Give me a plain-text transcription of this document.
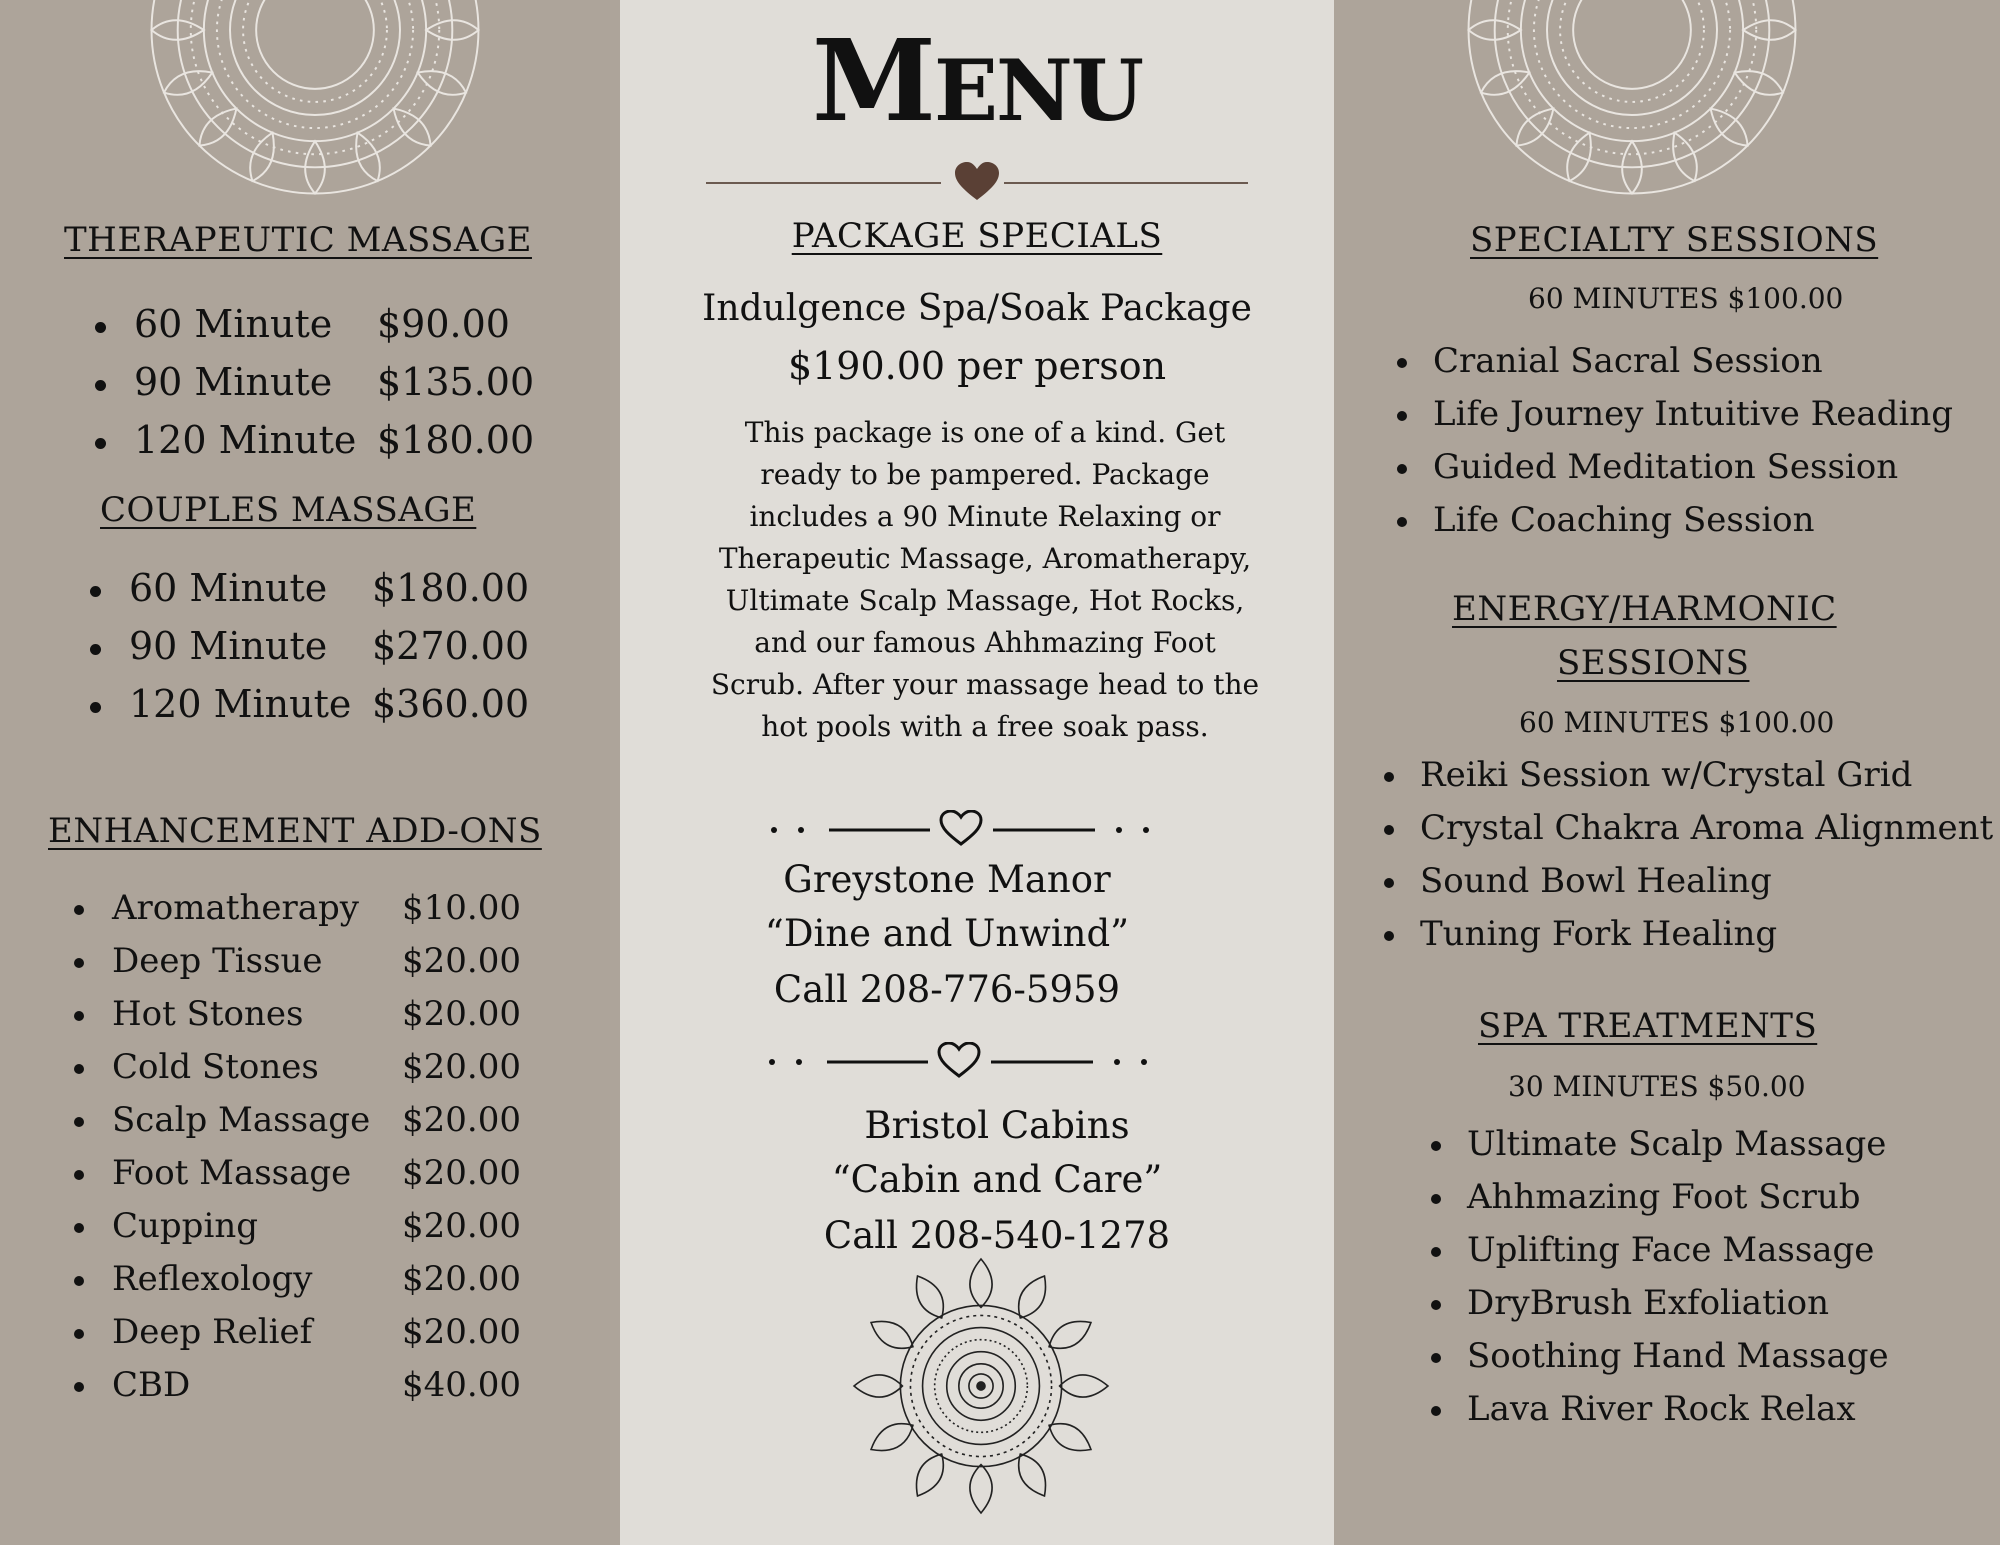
THERAPEUTIC MASSAGE
60 Minute $90.00
90 Minute $135.00
120 Minute $180.00
COUPLES MASSAGE
60 Minute $180.00
90 Minute $270.00
120 Minute $360.00
ENHANCEMENT ADD-ONS
Aromatherapy $10.00
Deep Tissue $20.00
Hot Stones	$20.00
Cold Stones $20.00
Scalp Massage $20.00
Foot Massage $20.00
Cupping	$20.00
Reflexology	$20.00
Deep Relief	$20.00
CBD	$40.00
MENU
PACKAGE SPECIALS
Indulgence Spa/Soak Package
$190.00 per person
This package is one of a kind. Get
ready to be pampered. Package
includes a 90 Minute Relaxing or
Therapeutic Massage, Aromatherapy,
Ultimate Scalp Massage, Hot Rocks,
and our famous Ahhmazing Foot
Scrub. After your massage head to the
hot pools with a free soak pass.
Greystone Manor
“Dine and Unwind”
Call 208-776-5959
Bristol Cabins
“Cabin and Care”
Call 208-540-1278
SPECIALTY SESSIONS
60 MINUTES $100.00
Cranial Sacral Session
Life Journey Intuitive Reading
Guided Meditation Session
Life Coaching Session
ENERGY/HARMONIC
SESSIONS
60 MINUTES $100.00
Reiki Session w/Crystal Grid
Crystal Chakra Aroma Alignment
Sound Bowl Healing
Tuning Fork Healing
SPA TREATMENTS
30 MINUTES $50.00
Ultimate Scalp Massage
Ahhmazing Foot Scrub
Uplifting Face Massage
DryBrush Exfoliation
Soothing Hand Massage
Lava River Rock Relax
